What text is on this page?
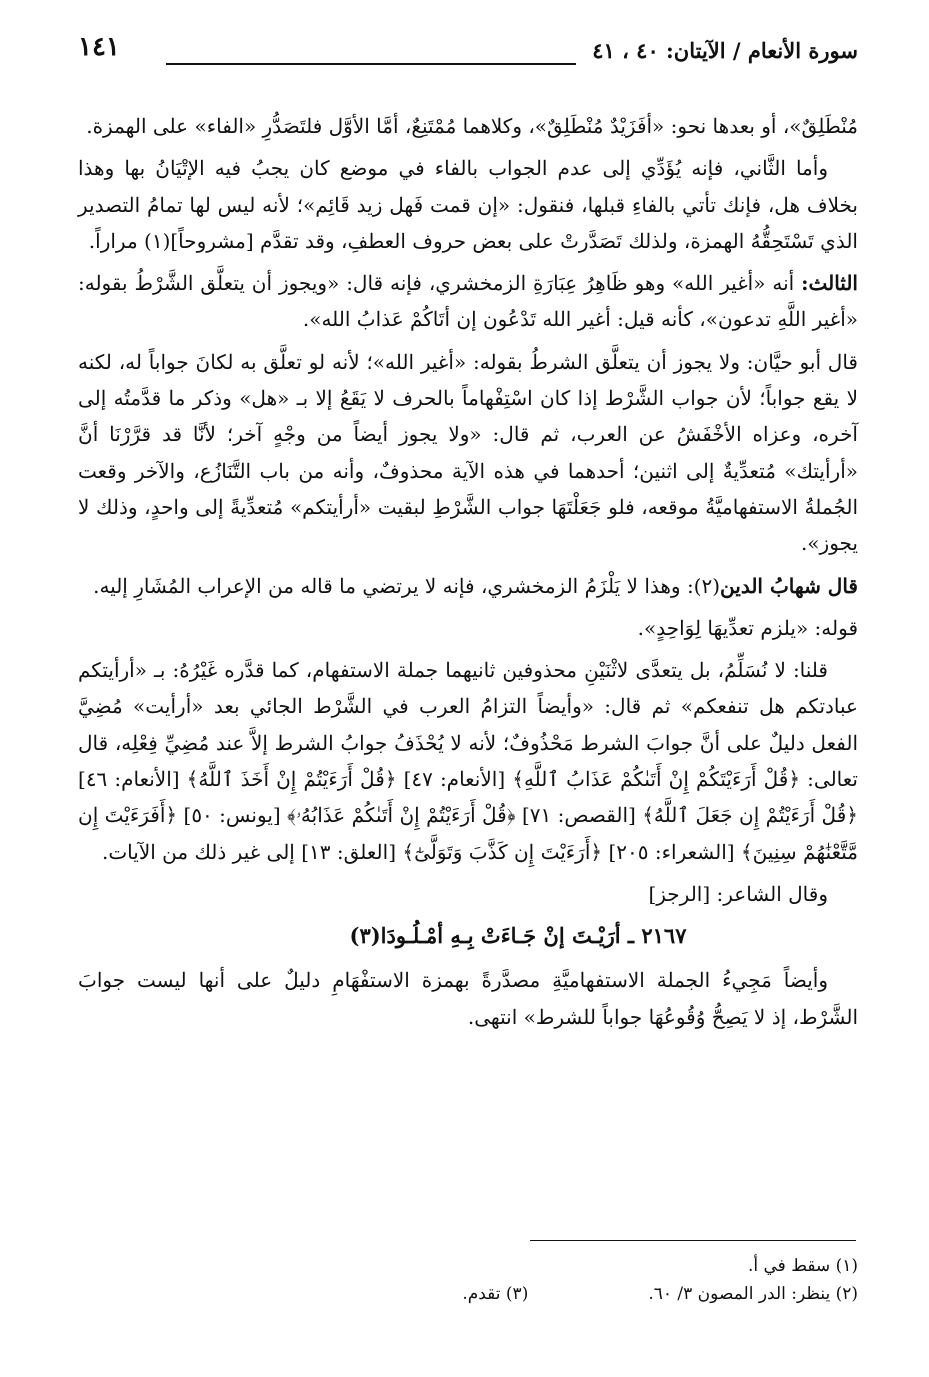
سورة الأنعام / الآيتان: ٤٠ ، ٤١
١٤١

مُنْطَلِقٌ»، أو بعدها نحو: «أفَزَيْدٌ مُنْطَلِقٌ»، وكلاهما مُمْتَنِعٌ، أمَّا الأوَّل فلتَصَدُّرِ «الفاء» على الهمزة.

وأما الثَّاني، فإنه يُؤَدِّي إلى عدم الجواب بالفاء في موضع كان يجبُ فيه الإتْيَانُ بها وهذا بخلاف هل، فإنك تأتي بالفاءِ قبلها، فنقول: «إن قمت فَهل زيد قَائِم»؛ لأنه ليس لها تمامُ التصدير الذي تَسْتَحِقُّهُ الهمزة، ولذلك تَصَدَّرتْ على بعض حروف العطفِ، وقد تقدَّم [مشروحاً](١) مراراً.

الثالث: أنه «أغير الله» وهو ظَاهِرُ عِبَارَةِ الزمخشري، فإنه قال: «ويجوز أن يتعلَّق الشَّرْطُ بقوله: «أغير اللَّهِ تدعون»، كأنه قيل: أغير الله تَدْعُون إن أتَاكُمْ عَذابُ الله».

قال أبو حيَّان: ولا يجوز أن يتعلَّق الشرطُ بقوله: «أغير الله»؛ لأنه لو تعلَّق به لكانَ جواباً له، لكنه لا يقع جواباً؛ لأن جواب الشَّرْط إذا كان اسْتِفْهاماً بالحرف لا يَقَعُ إلا بـ «هل» وذكر ما قدَّمتُه إلى آخره، وعزاه الأخْفَشُ عن العرب، ثم قال: «ولا يجوز أيضاً من وجْهٍ آخر؛ لأنَّا قد قرَّرْنَا أنَّ «أرأيتك» مُتعدِّيةٌ إلى اثنين؛ أحدهما في هذه الآية محذوفٌ، وأنه من باب التَّنَازُع، والآخر وقعت الجُملةُ الاستفهاميَّةُ موقعه، فلو جَعَلْتَهَا جواب الشَّرْطِ لبقيت «أرأيتكم» مُتعدِّيةً إلى واحدٍ، وذلك لا يجوز».

قال شهابُ الدين(٢): وهذا لا يَلْزَمُ الزمخشري، فإنه لا يرتضي ما قاله من الإعراب المُشَارِ إليه.

قوله: «يلزم تعدِّيهَا لِوَاحِدٍ».

قلنا: لا نُسَلِّمُ، بل يتعدَّى لاثْنَيْنِ محذوفين ثانيهما جملة الاستفهام، كما قدَّره غَيْرُهُ: بـ «أرأيتكم عبادتكم هل تنفعكم» ثم قال: «وأيضاً التزامُ العرب في الشَّرْط الجائي بعد «أرأيت» مُضِيَّ الفعل دليلٌ على أنَّ جوابَ الشرط مَحْذُوفٌ؛ لأنه لا يُحْذَفُ جوابُ الشرط إلاَّ عند مُضِيِّ فِعْلِه، قال تعالى: ﴿قُلْ أَرَءَيْتَكُمْ إِنْ أَتَىٰكُمْ عَذَابُ ٱللَّهِ﴾ [الأنعام: ٤٧] ﴿قُلْ أَرَءَيْتُمْ إِنْ أَخَذَ ٱللَّهُ﴾ [الأنعام: ٤٦] ﴿قُلْ أَرَءَيْتُمْ إِن جَعَلَ ٱللَّهُ﴾ [القصص: ٧١] ﴿قُلْ أَرَءَيْتُمْ إِنْ أَتَىٰكُمْ عَذَابُهُۥ﴾ [يونس: ٥٠] ﴿أَفَرَءَيْتَ إِن مَّتَّعْنَٰهُمْ سِنِينَ﴾ [الشعراء: ٢٠٥] ﴿أَرَءَيْتَ إِن كَذَّبَ وَتَوَلَّىٰٓ﴾ [العلق: ١٣] إلى غير ذلك من الآيات.

وقال الشاعر: [الرجز]

٢١٦٧ ـ أرَيْـتَ إنْ جَـاءَتْ بِـهِ أمْـلُـودَا(٣)

وأيضاً مَجِيءُ الجملة الاستفهاميَّةِ مصدَّرةً بهمزة الاستفْهَامِ دليلٌ على أنها ليست جوابَ الشَّرْط، إذ لا يَصِحُّ وُقُوعُهَا جواباً للشرط» انتهى.

(١) سقط في أ.
(٢) ينظر: الدر المصون ٣/ ٦٠.
(٣) تقدم.
